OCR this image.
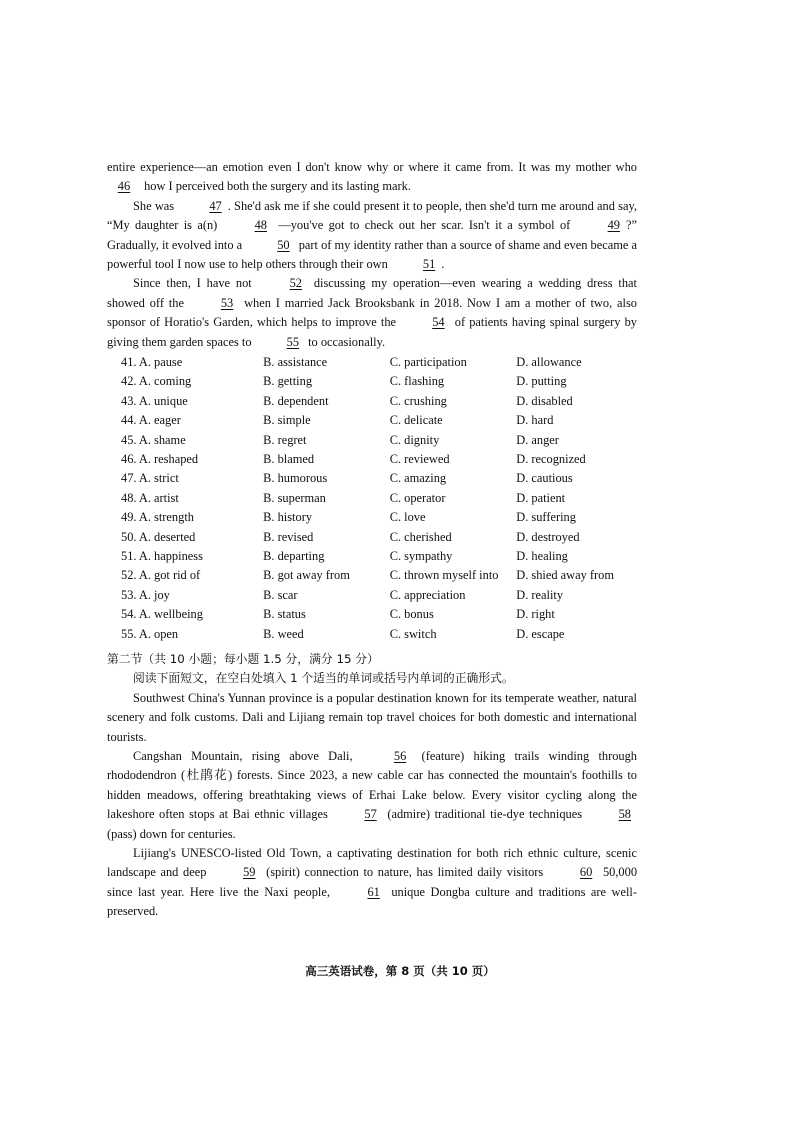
entire experience—an emotion even I don't know why or where it came from. It was my mother who 46 how I perceived both the surgery and its lasting mark.

She was	47 . She'd ask me if she could present it to people, then she'd turn me around and say, “My daughter is a(n)	48 —you've got to check out her scar. Isn't it a symbol of	49 ?” Gradually, it evolved into a	50 part of my identity rather than a source of shame and even became a powerful tool I now use to help others through their own	51 .

Since then, I have not	52 discussing my operation—even wearing a wedding dress that showed off the	53 when I married Jack Brooksbank in 2018. Now I am a mother of two, also sponsor of Horatio's Garden, which helps to improve the	54 of patients having spinal surgery by giving them garden spaces to	55 to occasionally.

41. A. pause	B. assistance	C. participation	D. allowance
42. A. coming	B. getting	C. flashing	D. putting
43. A. unique	B. dependent	C. crushing	D. disabled
44. A. eager	B. simple	C. delicate	D. hard
45. A. shame	B. regret	C. dignity	D. anger
46. A. reshaped	B. blamed	C. reviewed	D. recognized
47. A. strict	B. humorous	C. amazing	D. cautious
48. A. artist	B. superman	C. operator	D. patient
49. A. strength	B. history	C. love	D. suffering
50. A. deserted	B. revised	C. cherished	D. destroyed
51. A. happiness	B. departing	C. sympathy	D. healing
52. A. got rid of	B. got away from	C. thrown myself into	D. shied away from
53. A. joy	B. scar	C. appreciation	D. reality
54. A. wellbeing	B. status	C. bonus	D. right
55. A. open	B. weed	C. switch	D. escape

第二节（共 10 小题；每小题 1.5 分，满分 15 分）

阅读下面短文，在空白处填入 1 个适当的单词或括号内单词的正确形式。

Southwest China's Yunnan province is a popular destination known for its temperate weather, natural scenery and folk customs. Dali and Lijiang remain top travel choices for both domestic and international tourists.

Cangshan Mountain, rising above Dali,	56 (feature) hiking trails winding through rhododendron (杜鹃花) forests. Since 2023, a new cable car has connected the mountain's foothills to hidden meadows, offering breathtaking views of Erhai Lake below. Every visitor cycling along the lakeshore often stops at Bai ethnic villages	57 (admire) traditional tie-dye techniques	58 (pass) down for centuries.

Lijiang's UNESCO-listed Old Town, a captivating destination for both rich ethnic culture, scenic landscape and deep	59 (spirit) connection to nature, has limited daily visitors	60 50,000 since last year. Here live the Naxi people,	61 unique Dongba culture and traditions are well-preserved.

高三英语试卷，第 8 页（共 10 页）
